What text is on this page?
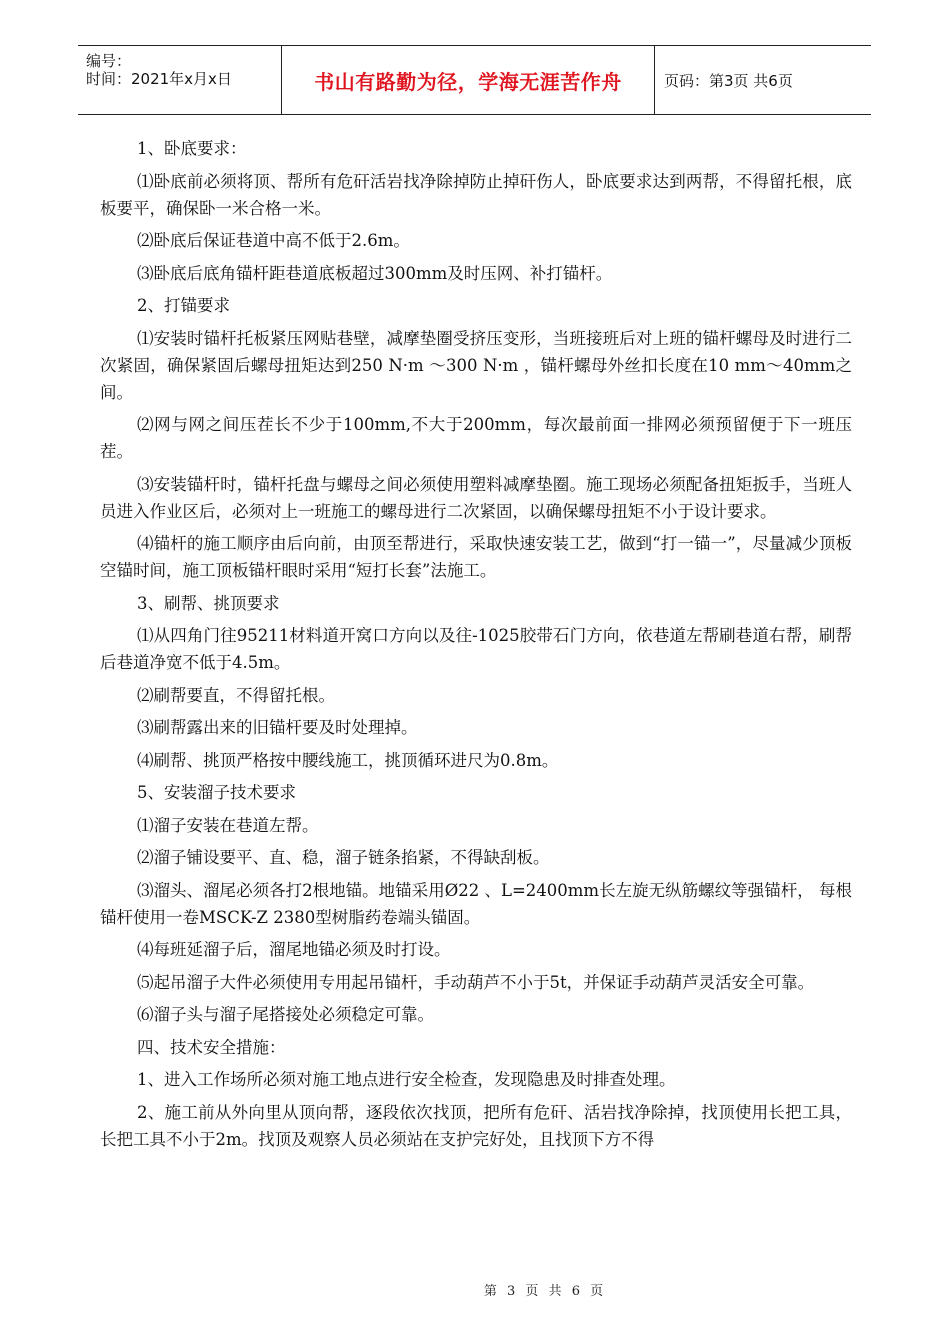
编号：
时间：2021年x月x日	书山有路勤为径，学海无涯苦作舟	页码：第3页 共6页

1、卧底要求：

⑴卧底前必须将顶、帮所有危矸活岩找净除掉防止掉矸伤人，卧底要求达到两帮，不得留托根，底板要平，确保卧一米合格一米。

⑵卧底后保证巷道中高不低于2.6m。

⑶卧底后底角锚杆距巷道底板超过300mm及时压网、补打锚杆。

2、打锚要求

⑴安装时锚杆托板紧压网贴巷壁，减摩垫圈受挤压变形，当班接班后对上班的锚杆螺母及时进行二次紧固，确保紧固后螺母扭矩达到250 N·m ～300 N·m ，锚杆螺母外丝扣长度在10 mm～40mm之间。

⑵网与网之间压茬长不少于100mm,不大于200mm，每次最前面一排网必须预留便于下一班压茬。

⑶安装锚杆时，锚杆托盘与螺母之间必须使用塑料减摩垫圈。施工现场必须配备扭矩扳手，当班人员进入作业区后，必须对上一班施工的螺母进行二次紧固，以确保螺母扭矩不小于设计要求。

⑷锚杆的施工顺序由后向前，由顶至帮进行，采取快速安装工艺，做到“打一锚一”，尽量减少顶板空锚时间，施工顶板锚杆眼时采用“短打长套”法施工。

3、刷帮、挑顶要求

⑴从四角门往95211材料道开窝口方向以及往-1025胶带石门方向，依巷道左帮刷巷道右帮，刷帮后巷道净宽不低于4.5m。

⑵刷帮要直，不得留托根。

⑶刷帮露出来的旧锚杆要及时处理掉。

⑷刷帮、挑顶严格按中腰线施工，挑顶循环进尺为0.8m。

5、安装溜子技术要求

⑴溜子安装在巷道左帮。

⑵溜子铺设要平、直、稳，溜子链条掐紧，不得缺刮板。

⑶溜头、溜尾必须各打2根地锚。地锚采用Ø22 、L=2400mm长左旋无纵筋螺纹等强锚杆， 每根锚杆使用一卷MSCK-Z 2380型树脂药卷端头锚固。

⑷每班延溜子后，溜尾地锚必须及时打设。

⑸起吊溜子大件必须使用专用起吊锚杆，手动葫芦不小于5t，并保证手动葫芦灵活安全可靠。

⑹溜子头与溜子尾搭接处必须稳定可靠。

四、技术安全措施：

1、进入工作场所必须对施工地点进行安全检查，发现隐患及时排查处理。

2、施工前从外向里从顶向帮，逐段依次找顶，把所有危矸、活岩找净除掉，找顶使用长把工具，长把工具不小于2m。找顶及观察人员必须站在支护完好处，且找顶下方不得

第 3 页 共 6 页
